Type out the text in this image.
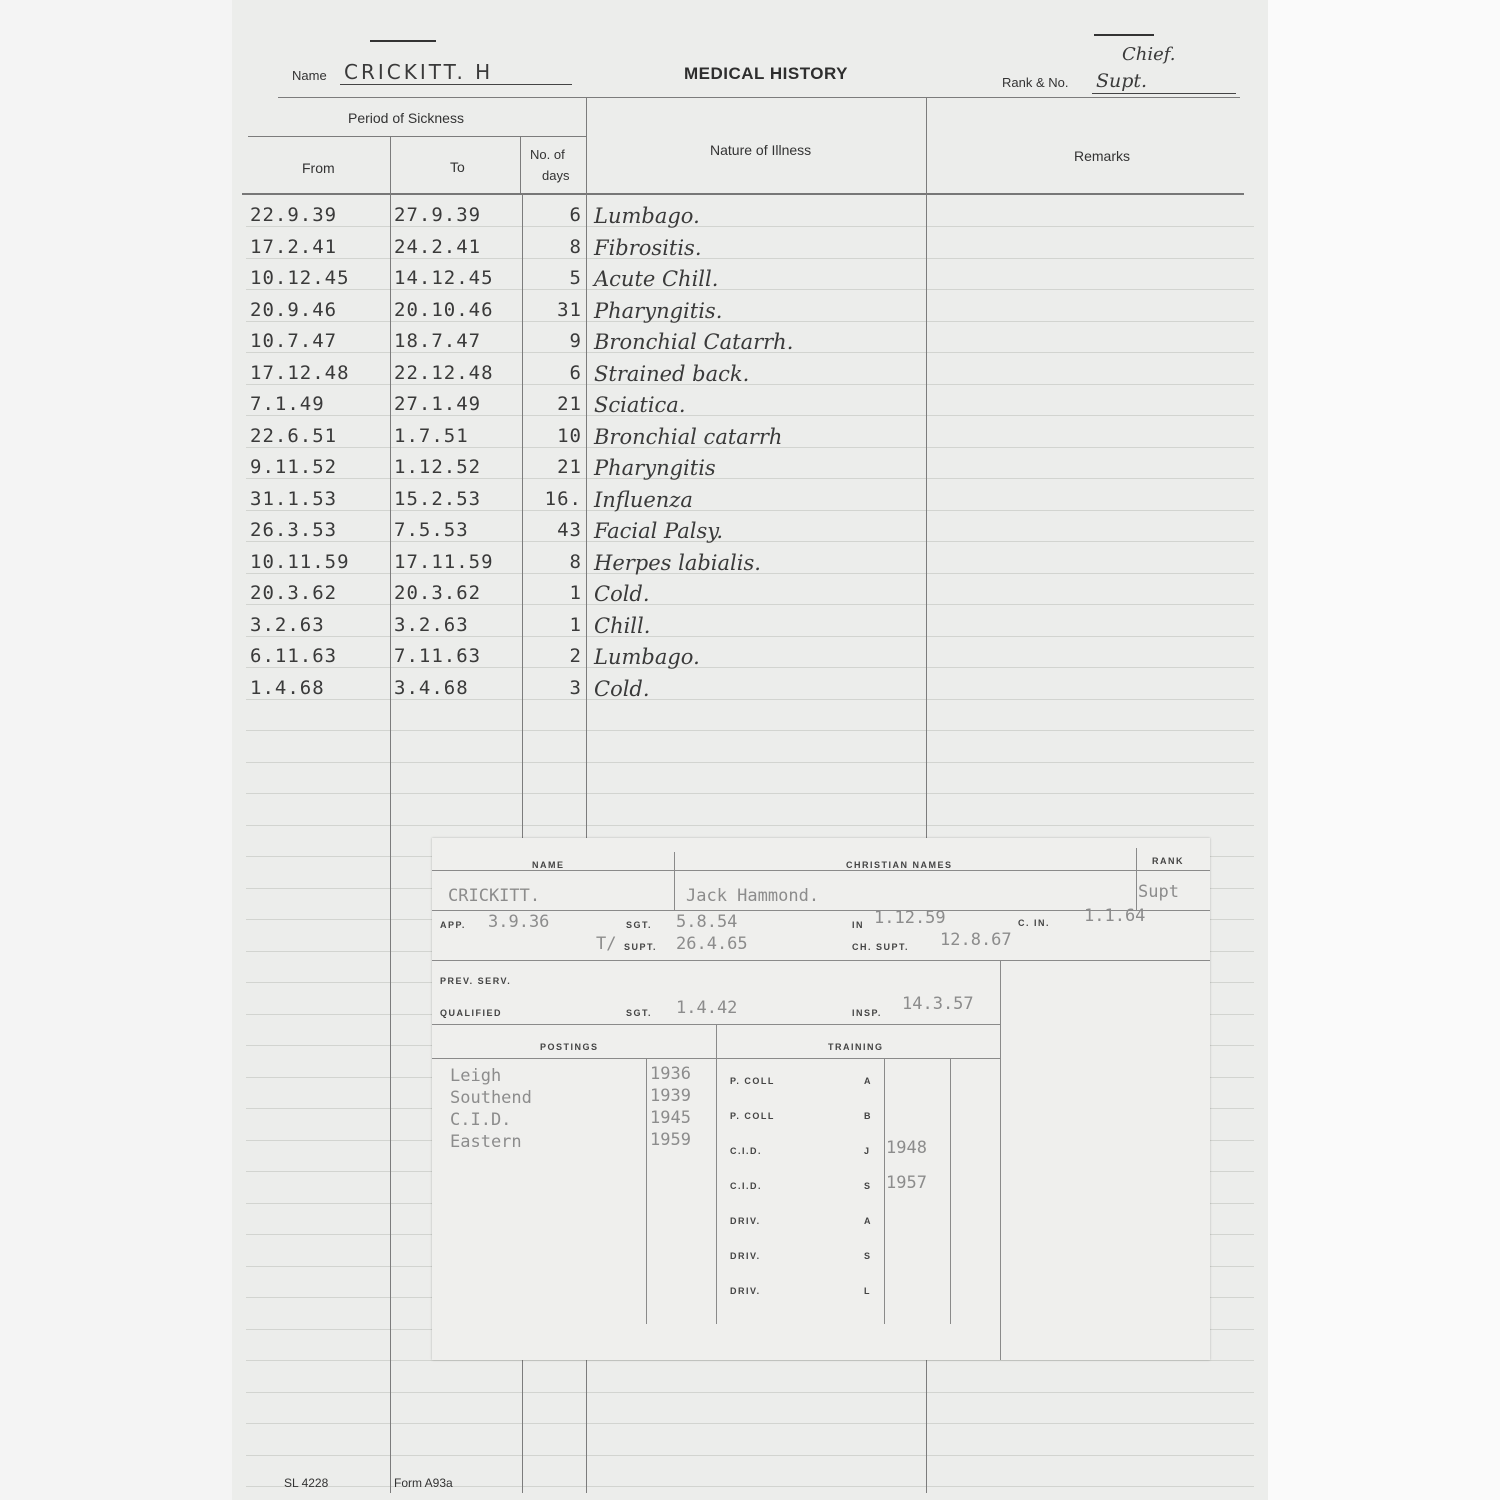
Name CRICKITT. H	MEDICAL HISTORY	Rank & No.
Chief.
Supt.
Period of Sickness
From	To
No. of
days
Nature of Illness	Remarks
22.9.39	27.9.39	6 Lumbago.
17.2.41	24.2.41	8 Fibrositis.
10.12.45 14.12.45	5 Acute Chill.
20.9.46	20.10.46	31 Pharyngitis.
10.7.47	18.7.47	9 Bronchial Catarrh.
17.12.48 22.12.48	6 Strained back.
7.1.49	27.1.49	21 Sciatica.
22.6.51	1.7.51	10 Bronchial catarrh
9.11.52	1.12.52	21 Pharyngitis
31.1.53	15.2.53	16. Influenza
26.3.53	7.5.53	43 Facial Palsy.
10.11.59 17.11.59	8 Herpes labialis.
20.3.62	20.3.62	1 Cold.
3.2.63	3.2.63	1 Chill.
6.11.63	7.11.63	2 Lumbago.
1.4.68	3.4.68	3 Cold.
SL 4228	Form A93a
NAME	CHRISTIAN NAMES	RANK
CRICKITT.	Jack Hammond.	Supt
APP. 3.9.36	SGT. 5.8.54	IN 1.12.59	C. IN. 1.1.64
T/ SUPT. 26.4.65	CH. SUPT. 12.8.67
PREV. SERV.
QUALIFIED	SGT. 1.4.42	INSP. 14.3.57
POSTINGS	TRAINING
Leigh	1936
Southend	1939
C.I.D.	1945
Eastern	1959
P. COLL	A
P. COLL	B
C.I.D.	J 1948
C.I.D.	S 1957
DRIV.	A
DRIV.	S
DRIV.	L
